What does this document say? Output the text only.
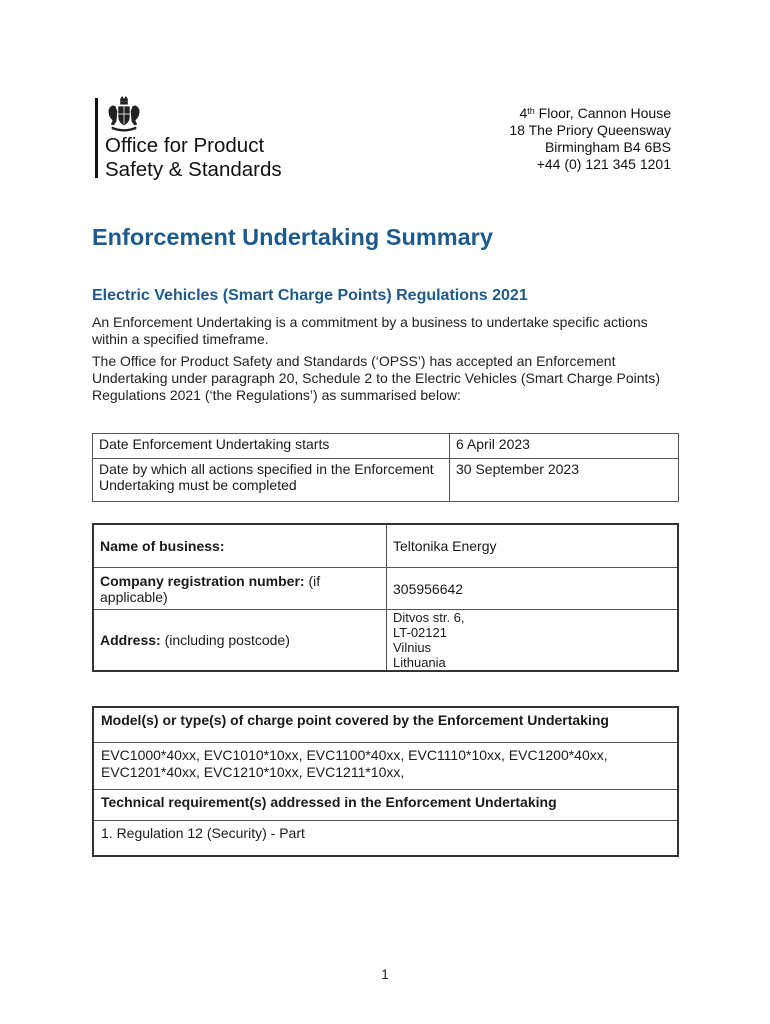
Office for Product
Safety & Standards
4th Floor, Cannon House
18 The Priory Queensway
Birmingham B4 6BS
+44 (0) 121 345 1201
Enforcement Undertaking Summary
Electric Vehicles (Smart Charge Points) Regulations 2021

An Enforcement Undertaking is a commitment by a business to undertake specific actions within a specified timeframe.

The Office for Product Safety and Standards (‘OPSS’) has accepted an Enforcement Undertaking under paragraph 20, Schedule 2 to the Electric Vehicles (Smart Charge Points) Regulations 2021 (‘the Regulations’) as summarised below:

Date Enforcement Undertaking starts	6 April 2023
Date by which all actions specified in the Enforcement Undertaking must be completed	30 September 2023
Name of business:	Teltonika Energy
Company registration number: (if applicable)	305956642
Address: (including postcode)	Ditvos str. 6,
LT-02121
Vilnius
Lithuania
Model(s) or type(s) of charge point covered by the Enforcement Undertaking
EVC1000*40xx, EVC1010*10xx, EVC1100*40xx, EVC1110*10xx, EVC1200*40xx, EVC1201*40xx, EVC1210*10xx, EVC1211*10xx,
Technical requirement(s) addressed in the Enforcement Undertaking
1. Regulation 12 (Security) - Part
1
